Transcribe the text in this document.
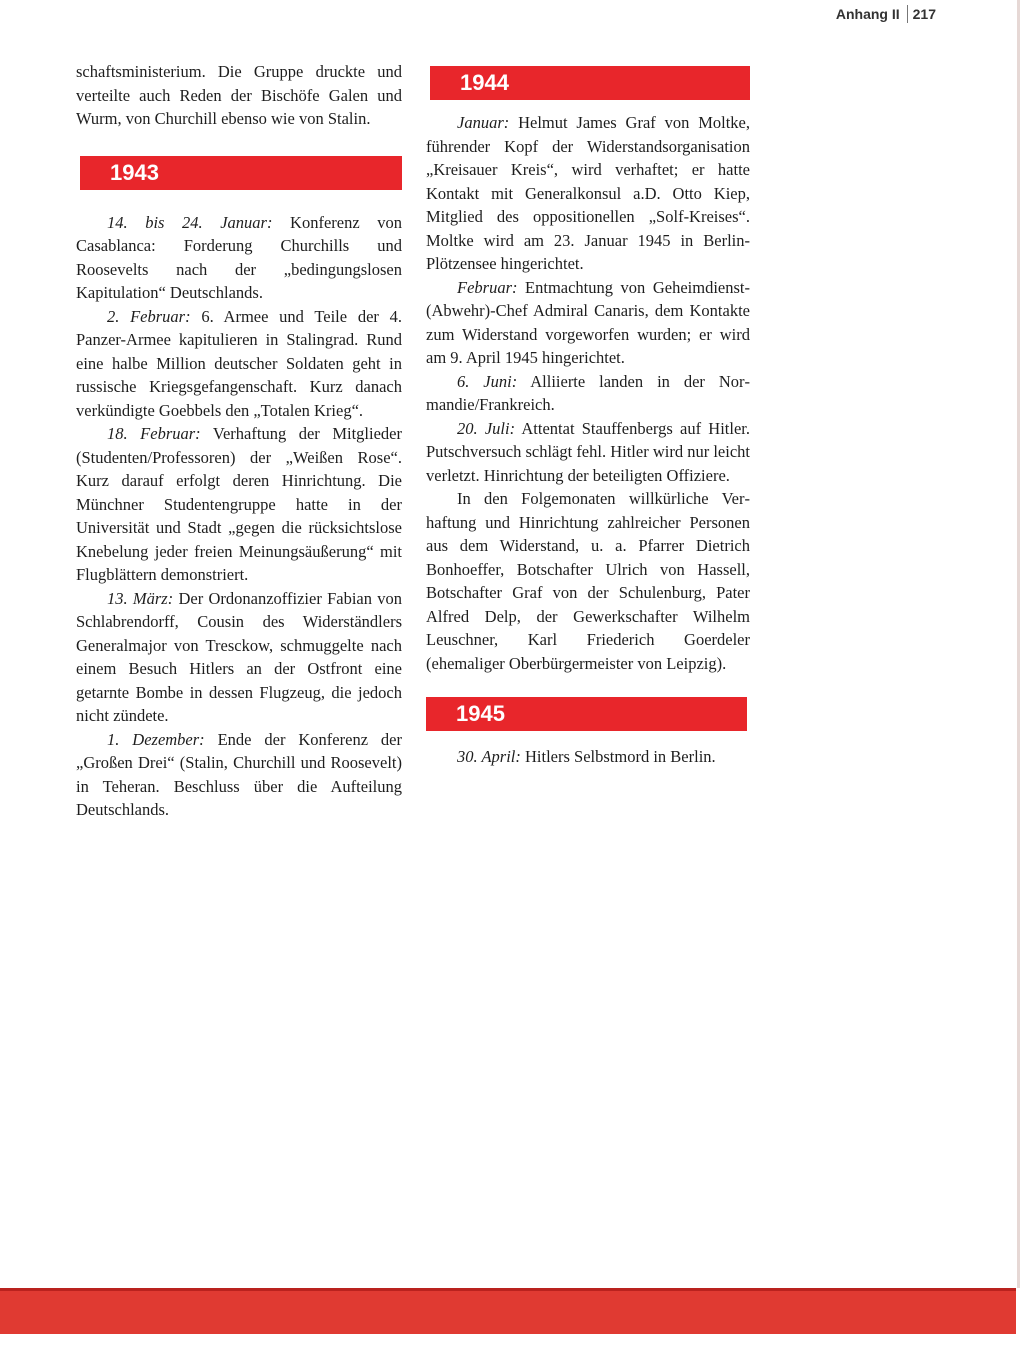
Anhang II 217

schaftsministerium. Die Gruppe druckte und verteilte auch Reden der Bischöfe Galen und Wurm, von Churchill ebenso wie von Stalin.

1943

14. bis 24. Januar: Konferenz von Casablanca: Forderung Churchills und Roosevelts nach der „bedingungslosen Kapitulation“ Deutschlands.

2. Februar: 6. Armee und Teile der 4. Panzer-Armee kapitulieren in Stalingrad. Rund eine halbe Million deutscher Soldaten geht in russische Kriegsgefangenschaft. Kurz danach verkündigte Goebbels den „Totalen Krieg“.

18. Februar: Verhaftung der Mitglieder (Studenten/Professoren) der „Weißen Rose“. Kurz darauf erfolgt deren Hinrichtung. Die Münchner Studentengruppe hatte in der Universität und Stadt „gegen die rücksichtslose Knebelung jeder freien Meinungsäußerung“ mit Flugblättern demonstriert.

13. März: Der Ordonanzoffizier Fabian von Schlabrendorff, Cousin des Widerständlers Generalmajor von Tresckow, schmuggelte nach einem Besuch Hitlers an der Ostfront eine getarnte Bombe in dessen Flugzeug, die jedoch nicht zündete.

1. Dezember: Ende der Konferenz der „Großen Drei“ (Stalin, Churchill und Roosevelt) in Teheran. Beschluss über die Aufteilung Deutschlands.

1944

Januar: Helmut James Graf von Moltke, führender Kopf der Widerstandsorganisation „Kreisauer Kreis“, wird verhaftet; er hatte Kontakt mit Generalkonsul a.D. Otto Kiep, Mitglied des oppositionellen „Solf-Kreises“. Moltke wird am 23. Januar 1945 in Berlin-Plötzensee hingerichtet.

Februar: Entmachtung von Geheimdienst-(Abwehr)-Chef Admiral Canaris, dem Kontakte zum Widerstand vorgeworfen wurden; er wird am 9. April 1945 hingerichtet.

6. Juni: Alliierte landen in der Normandie/Frankreich.

20. Juli: Attentat Stauffenbergs auf Hitler. Putschversuch schlägt fehl. Hitler wird nur leicht verletzt. Hinrichtung der beteiligten Offiziere.

In den Folgemonaten willkürliche Verhaftung und Hinrichtung zahlreicher Personen aus dem Widerstand, u. a. Pfarrer Dietrich Bonhoeffer, Botschafter Ulrich von Hassell, Botschafter Graf von der Schulenburg, Pater Alfred Delp, der Gewerkschafter Wilhelm Leuschner, Karl Friederich Goerdeler (ehemaliger Oberbürgermeister von Leipzig).

1945

30. April: Hitlers Selbstmord in Berlin.
